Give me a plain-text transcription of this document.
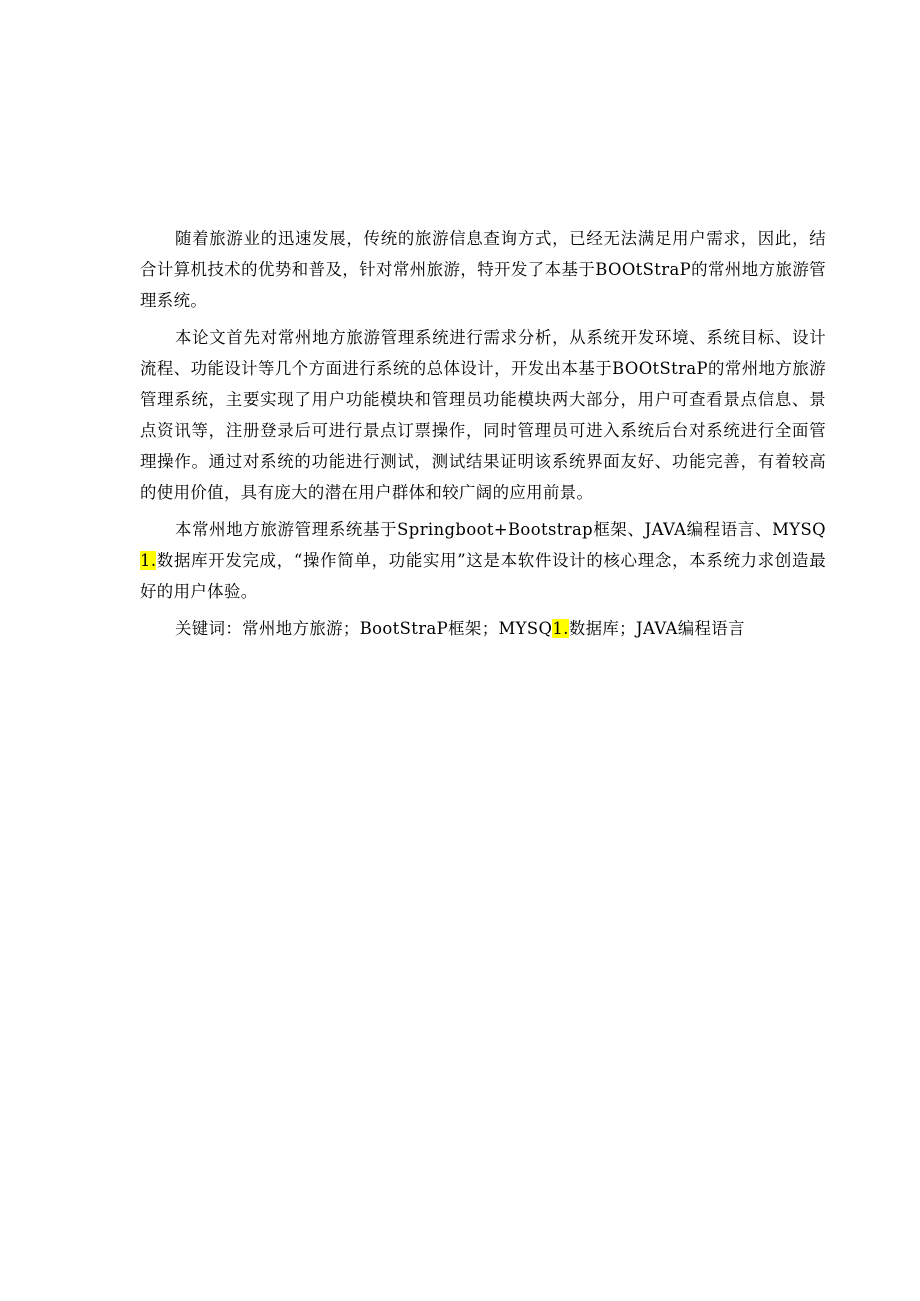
随着旅游业的迅速发展，传统的旅游信息查询方式，已经无法满足用户需求，因此，结合计算机技术的优势和普及，针对常州旅游，特开发了本基于BOOtStraP的常州地方旅游管理系统。

本论文首先对常州地方旅游管理系统进行需求分析，从系统开发环境、系统目标、设计流程、功能设计等几个方面进行系统的总体设计，开发出本基于BOOtStraP的常州地方旅游管理系统，主要实现了用户功能模块和管理员功能模块两大部分，用户可查看景点信息、景点资讯等，注册登录后可进行景点订票操作，同时管理员可进入系统后台对系统进行全面管理操作。通过对系统的功能进行测试，测试结果证明该系统界面友好、功能完善，有着较高的使用价值，具有庞大的潜在用户群体和较广阔的应用前景。

本常州地方旅游管理系统基于Springboot+Bootstrap框架、JAVA编程语言、MYSQ1.数据库开发完成，“操作简单，功能实用”这是本软件设计的核心理念，本系统力求创造最好的用户体验。

关键词：常州地方旅游；BootStraP框架；MYSQ1.数据库；JAVA编程语言
